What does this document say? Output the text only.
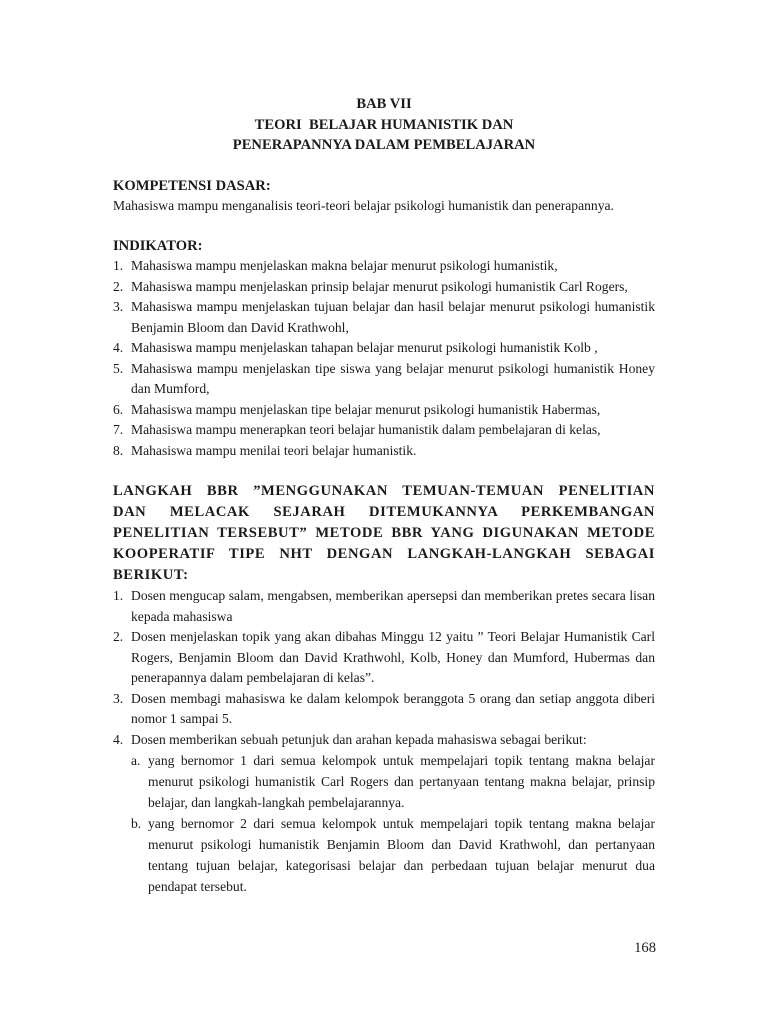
BAB VII
TEORI  BELAJAR HUMANISTIK DAN
PENERAPANNYA DALAM PEMBELAJARAN
KOMPETENSI DASAR:
Mahasiswa mampu menganalisis teori-teori belajar psikologi humanistik dan penerapannya.
INDIKATOR:
1. Mahasiswa mampu menjelaskan makna belajar menurut psikologi humanistik,
2. Mahasiswa mampu menjelaskan prinsip belajar menurut psikologi humanistik Carl Rogers,
3. Mahasiswa mampu menjelaskan tujuan belajar dan hasil belajar menurut psikologi humanistik Benjamin Bloom dan David Krathwohl,
4. Mahasiswa mampu menjelaskan tahapan belajar menurut psikologi humanistik Kolb ,
5. Mahasiswa mampu menjelaskan tipe siswa yang belajar menurut psikologi humanistik Honey dan Mumford,
6. Mahasiswa mampu menjelaskan tipe belajar menurut psikologi humanistik Habermas,
7. Mahasiswa mampu menerapkan teori belajar humanistik dalam pembelajaran di kelas,
8. Mahasiswa mampu menilai teori belajar humanistik.
LANGKAH BBR ”MENGGUNAKAN TEMUAN-TEMUAN PENELITIAN DAN MELACAK SEJARAH DITEMUKANNYA PERKEMBANGAN PENELITIAN TERSEBUT” METODE BBR YANG DIGUNAKAN METODE KOOPERATIF TIPE NHT DENGAN LANGKAH-LANGKAH SEBAGAI BERIKUT:
1. Dosen mengucap salam, mengabsen, memberikan apersepsi dan memberikan pretes secara lisan kepada mahasiswa
2. Dosen menjelaskan topik yang akan dibahas Minggu 12 yaitu ” Teori Belajar Humanistik Carl Rogers, Benjamin Bloom dan David Krathwohl, Kolb, Honey dan Mumford, Hubermas dan penerapannya dalam pembelajaran di kelas”.
3. Dosen membagi mahasiswa ke dalam kelompok beranggota 5 orang dan setiap anggota diberi nomor 1 sampai 5.
4. Dosen memberikan sebuah petunjuk dan arahan kepada mahasiswa sebagai berikut:
a. yang bernomor 1 dari semua kelompok untuk mempelajari topik tentang makna belajar menurut psikologi humanistik Carl Rogers dan pertanyaan tentang makna belajar, prinsip belajar, dan langkah-langkah pembelajarannya.
b. yang bernomor 2 dari semua kelompok untuk mempelajari topik tentang makna belajar menurut psikologi humanistik Benjamin Bloom dan David Krathwohl, dan pertanyaan tentang tujuan belajar, kategorisasi belajar dan perbedaan tujuan belajar menurut dua pendapat tersebut.
168
